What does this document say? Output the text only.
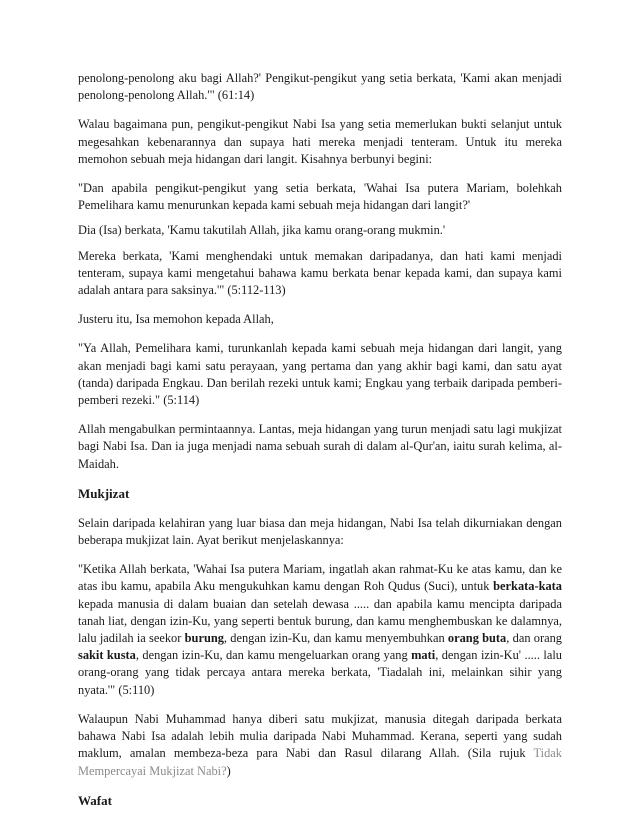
penolong-penolong aku bagi Allah?' Pengikut-pengikut yang setia berkata, 'Kami akan menjadi penolong-penolong Allah.'" (61:14)

Walau bagaimana pun, pengikut-pengikut Nabi Isa yang setia memerlukan bukti selanjut untuk megesahkan kebenarannya dan supaya hati mereka menjadi tenteram. Untuk itu mereka memohon sebuah meja hidangan dari langit. Kisahnya berbunyi begini:

"Dan apabila pengikut-pengikut yang setia berkata, 'Wahai Isa putera Mariam, bolehkah Pemelihara kamu menurunkan kepada kami sebuah meja hidangan dari langit?'

Dia (Isa) berkata, 'Kamu takutilah Allah, jika kamu orang-orang mukmin.'

Mereka berkata, 'Kami menghendaki untuk memakan daripadanya, dan hati kami menjadi tenteram, supaya kami mengetahui bahawa kamu berkata benar kepada kami, dan supaya kami adalah antara para saksinya.'" (5:112-113)

Justeru itu, Isa memohon kepada Allah,

"Ya Allah, Pemelihara kami, turunkanlah kepada kami sebuah meja hidangan dari langit, yang akan menjadi bagi kami satu perayaan, yang pertama dan yang akhir bagi kami, dan satu ayat (tanda) daripada Engkau. Dan berilah rezeki untuk kami; Engkau yang terbaik daripada pemberi-pemberi rezeki." (5:114)

Allah mengabulkan permintaannya. Lantas, meja hidangan yang turun menjadi satu lagi mukjizat bagi Nabi Isa. Dan ia juga menjadi nama sebuah surah di dalam al-Qur'an, iaitu surah kelima, al-Maidah.

Mukjizat

Selain daripada kelahiran yang luar biasa dan meja hidangan, Nabi Isa telah dikurniakan dengan beberapa mukjizat lain. Ayat berikut menjelaskannya:

"Ketika Allah berkata, 'Wahai Isa putera Mariam, ingatlah akan rahmat-Ku ke atas kamu, dan ke atas ibu kamu, apabila Aku mengukuhkan kamu dengan Roh Qudus (Suci), untuk berkata-kata kepada manusia di dalam buaian dan setelah dewasa ..... dan apabila kamu mencipta daripada tanah liat, dengan izin-Ku, yang seperti bentuk burung, dan kamu menghembuskan ke dalamnya, lalu jadilah ia seekor burung, dengan izin-Ku, dan kamu menyembuhkan orang buta, dan orang sakit kusta, dengan izin-Ku, dan kamu mengeluarkan orang yang mati, dengan izin-Ku' ..... lalu orang-orang yang tidak percaya antara mereka berkata, 'Tiadalah ini, melainkan sihir yang nyata.'" (5:110)

Walaupun Nabi Muhammad hanya diberi satu mukjizat, manusia ditegah daripada berkata bahawa Nabi Isa adalah lebih mulia daripada Nabi Muhammad. Kerana, seperti yang sudah maklum, amalan membeza-beza para Nabi dan Rasul dilarang Allah. (Sila rujuk Tidak Mempercayai Mukjizat Nabi?)

Wafat
